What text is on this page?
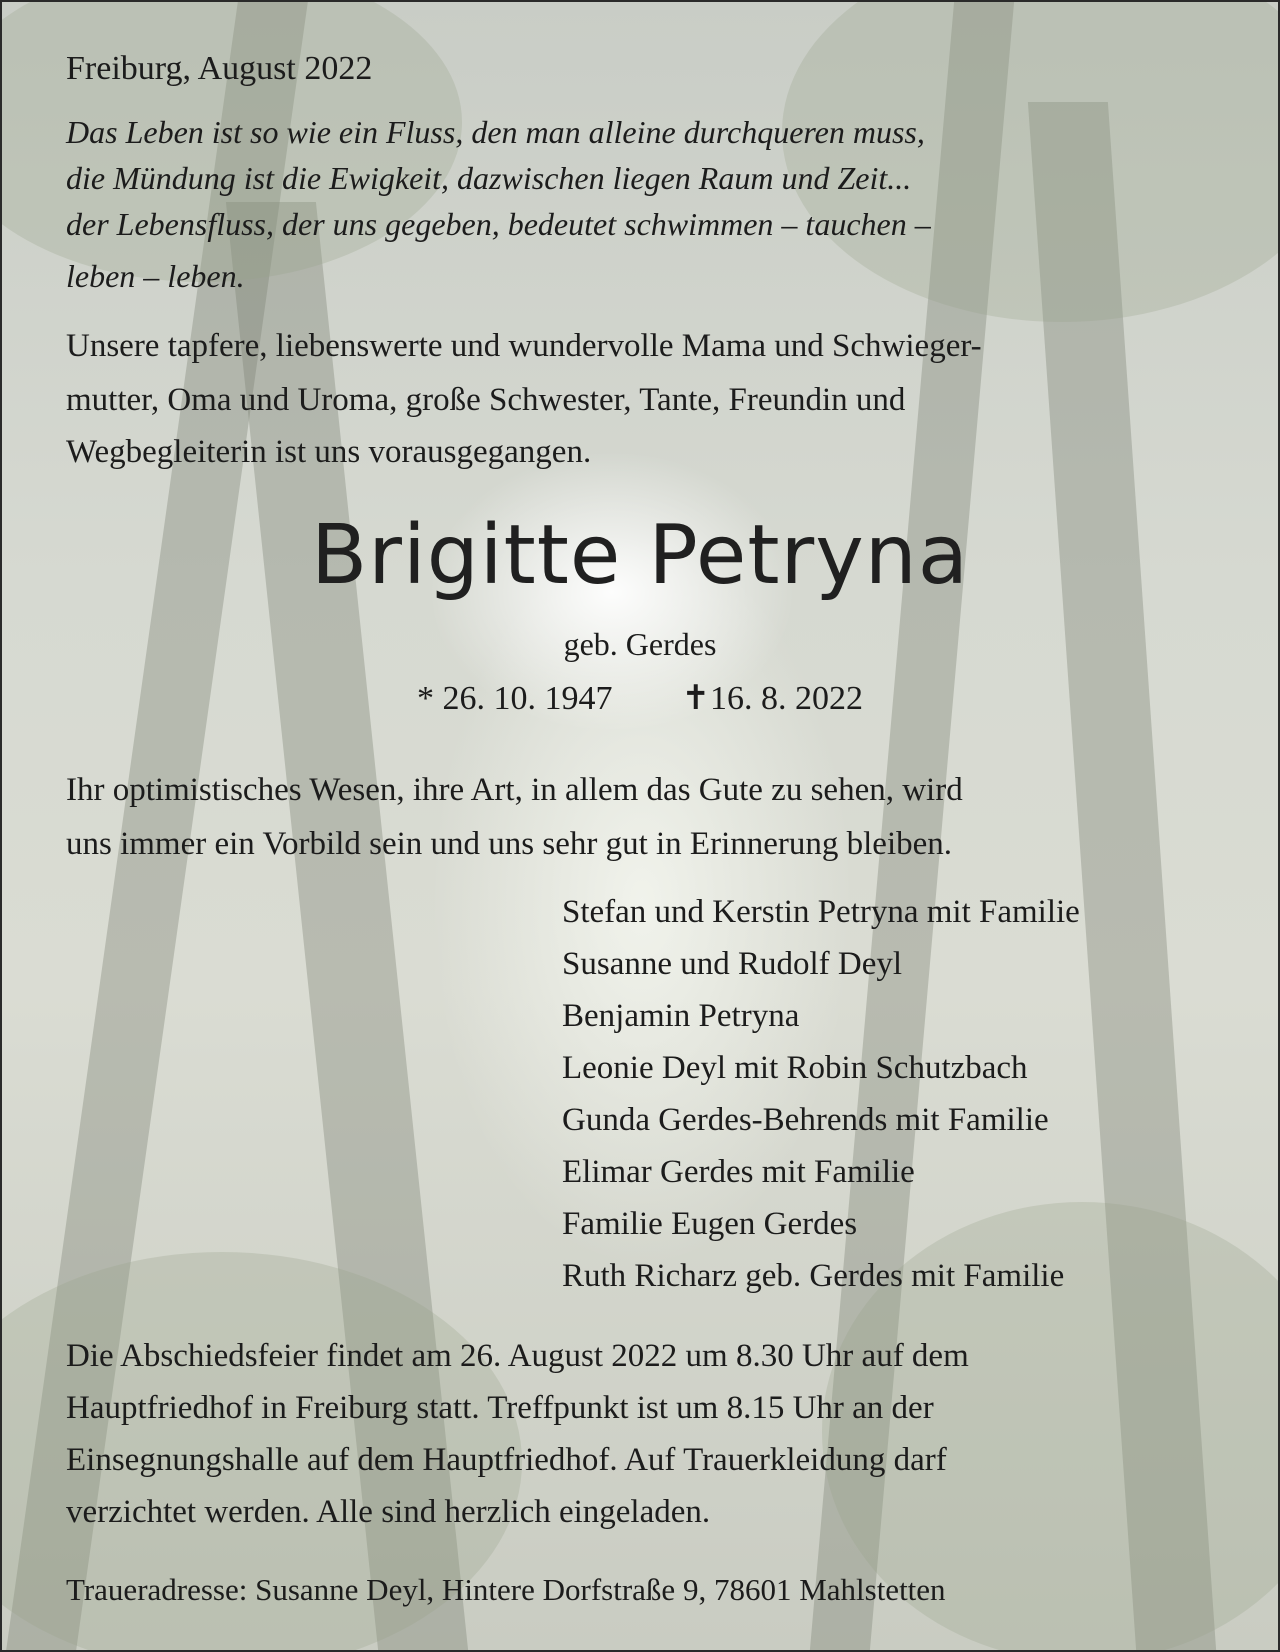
Freiburg, August 2022
Das Leben ist so wie ein Fluss, den man alleine durchqueren muss,
die Mündung ist die Ewigkeit, dazwischen liegen Raum und Zeit...
der Lebensfluss, der uns gegeben, bedeutet schwimmen – tauchen –
leben – leben.
Unsere tapfere, liebenswerte und wundervolle Mama und Schwieger-
mutter, Oma und Uroma, große Schwester, Tante, Freundin und
Wegbegleiterin ist uns vorausgegangen.
Brigitte Petryna
geb. Gerdes
* 26. 10. 1947 ✝16. 8. 2022
Ihr optimistisches Wesen, ihre Art, in allem das Gute zu sehen, wird
uns immer ein Vorbild sein und uns sehr gut in Erinnerung bleiben.
Stefan und Kerstin Petryna mit Familie
Susanne und Rudolf Deyl
Benjamin Petryna
Leonie Deyl mit Robin Schutzbach
Gunda Gerdes-Behrends mit Familie
Elimar Gerdes mit Familie
Familie Eugen Gerdes
Ruth Richarz geb. Gerdes mit Familie
Die Abschiedsfeier findet am 26. August 2022 um 8.30 Uhr auf dem
Hauptfriedhof in Freiburg statt. Treffpunkt ist um 8.15 Uhr an der
Einsegnungshalle auf dem Hauptfriedhof. Auf Trauerkleidung darf
verzichtet werden. Alle sind herzlich eingeladen.
Traueradresse: Susanne Deyl, Hintere Dorfstraße 9, 78601 Mahlstetten
